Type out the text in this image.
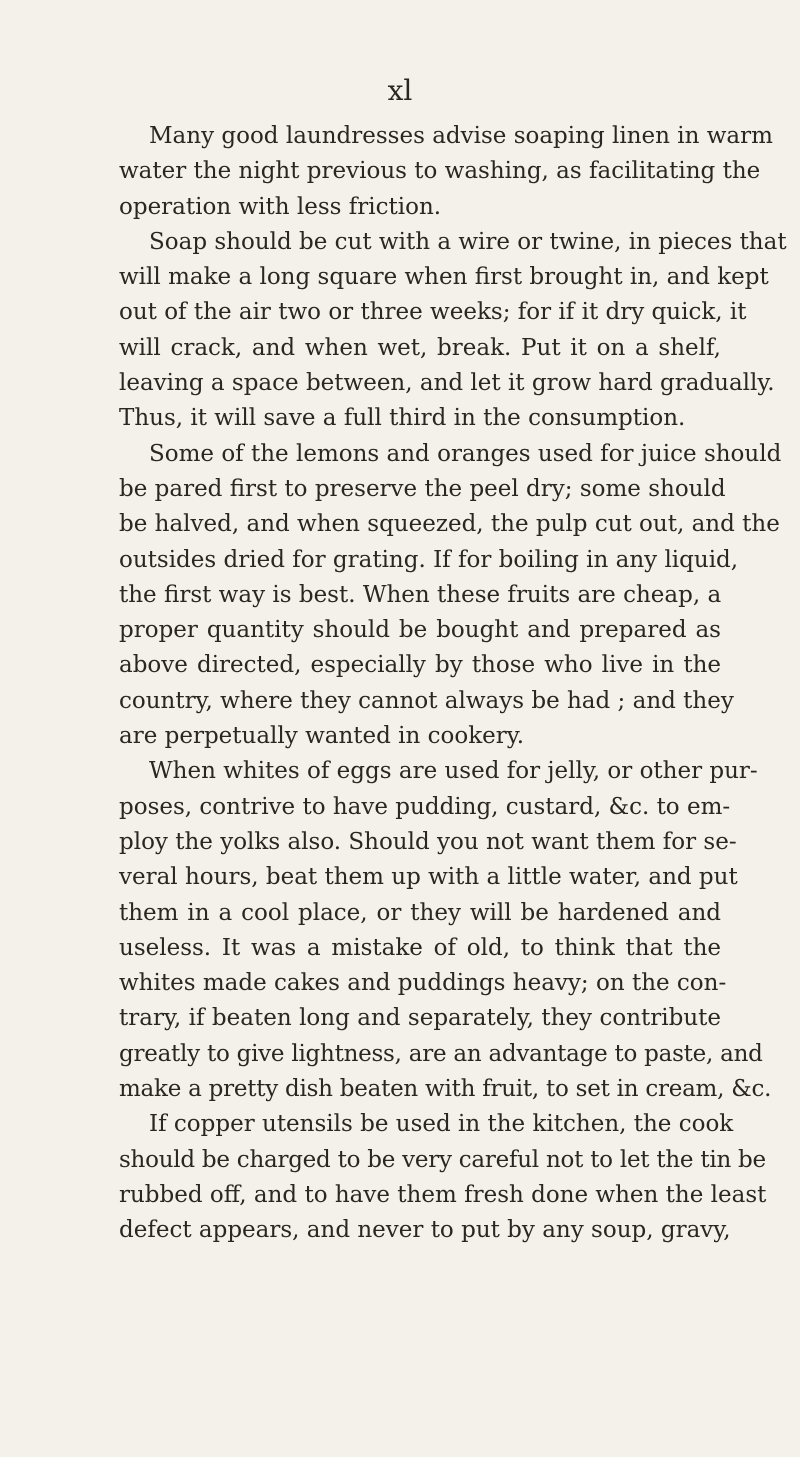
xl
Many good laundresses advise soaping linen in warm
water the night previous to washing, as facilitating the
operation with less friction.
Soap should be cut with a wire or twine, in pieces that
will make a long square when first brought in, and kept
out of the air two or three weeks; for if it dry quick, it
will crack, and when wet, break. Put it on a shelf,
leaving a space between, and let it grow hard gradually.
Thus, it will save a full third in the consumption.
Some of the lemons and oranges used for juice should
be pared first to preserve the peel dry; some should
be halved, and when squeezed, the pulp cut out, and the
outsides dried for grating. If for boiling in any liquid,
the first way is best. When these fruits are cheap, a
proper quantity should be bought and prepared as
above directed, especially by those who live in the
country, where they cannot always be had ; and they
are perpetually wanted in cookery.
When whites of eggs are used for jelly, or other pur-
poses, contrive to have pudding, custard, &c. to em-
ploy the yolks also. Should you not want them for se-
veral hours, beat them up with a little water, and put
them in a cool place, or they will be hardened and
useless. It was a mistake of old, to think that the
whites made cakes and puddings heavy; on the con-
trary, if beaten long and separately, they contribute
greatly to give lightness, are an advantage to paste, and
make a pretty dish beaten with fruit, to set in cream, &c.
If copper utensils be used in the kitchen, the cook
should be charged to be very careful not to let the tin be
rubbed off, and to have them fresh done when the least
defect appears, and never to put by any soup, gravy,
